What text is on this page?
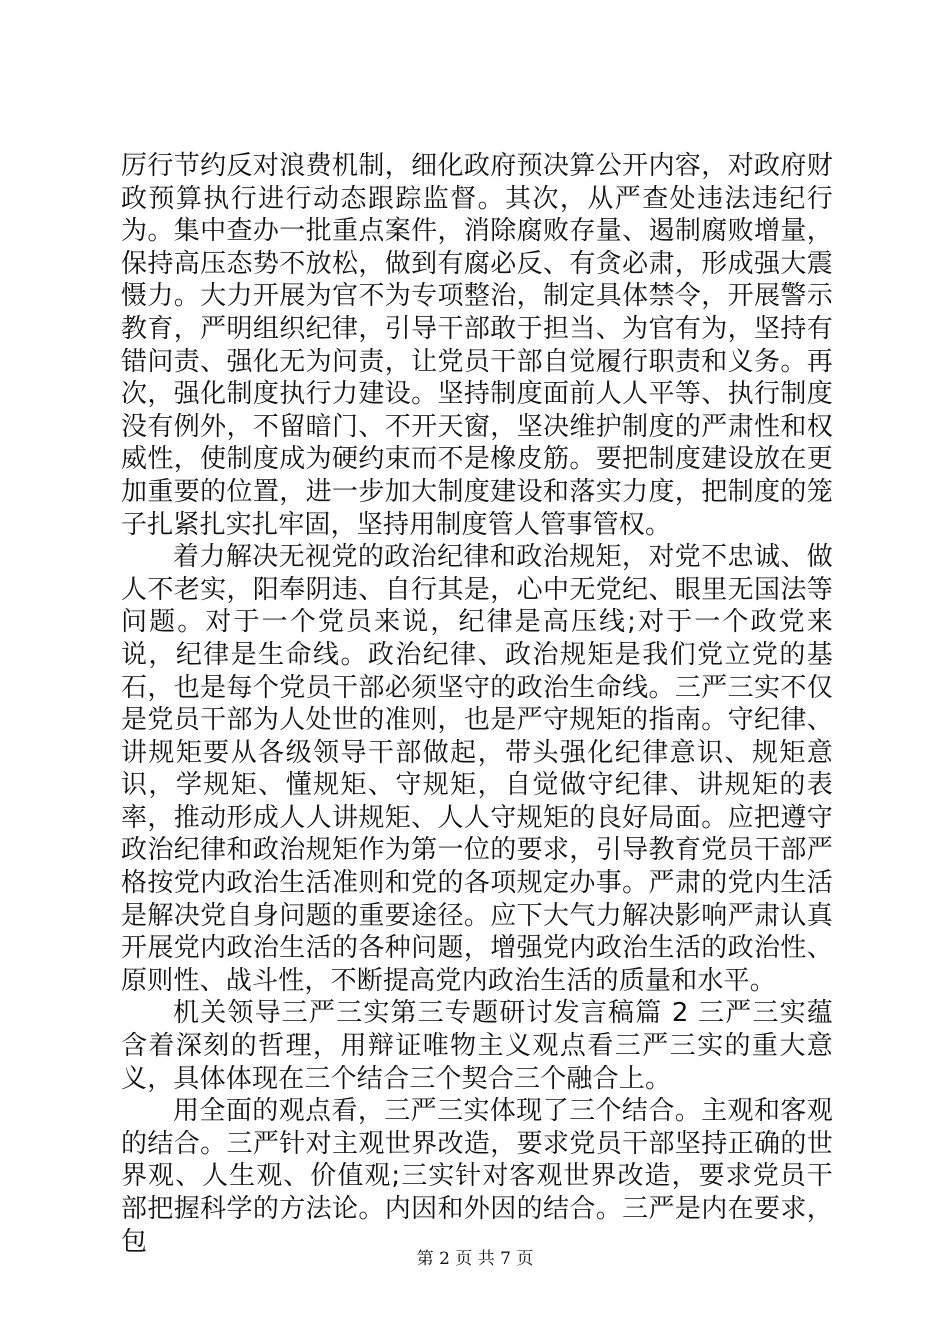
厉行节约反对浪费机制，细化政府预决算公开内容，对政府财政预算执行进行动态跟踪监督。其次，从严查处违法违纪行为。集中查办一批重点案件，消除腐败存量、遏制腐败增量，保持高压态势不放松，做到有腐必反、有贪必肃，形成强大震慑力。大力开展为官不为专项整治，制定具体禁令，开展警示教育，严明组织纪律，引导干部敢于担当、为官有为，坚持有错问责、强化无为问责，让党员干部自觉履行职责和义务。再次，强化制度执行力建设。坚持制度面前人人平等、执行制度没有例外，不留暗门、不开天窗，坚决维护制度的严肃性和权威性，使制度成为硬约束而不是橡皮筋。要把制度建设放在更加重要的位置，进一步加大制度建设和落实力度，把制度的笼子扎紧扎实扎牢固，坚持用制度管人管事管权。

着力解决无视党的政治纪律和政治规矩，对党不忠诚、做人不老实，阳奉阴违、自行其是，心中无党纪、眼里无国法等问题。对于一个党员来说，纪律是高压线;对于一个政党来说，纪律是生命线。政治纪律、政治规矩是我们党立党的基石，也是每个党员干部必须坚守的政治生命线。三严三实不仅是党员干部为人处世的准则，也是严守规矩的指南。守纪律、讲规矩要从各级领导干部做起，带头强化纪律意识、规矩意识，学规矩、懂规矩、守规矩，自觉做守纪律、讲规矩的表率，推动形成人人讲规矩、人人守规矩的良好局面。应把遵守政治纪律和政治规矩作为第一位的要求，引导教育党员干部严格按党内政治生活准则和党的各项规定办事。严肃的党内生活是解决党自身问题的重要途径。应下大气力解决影响严肃认真开展党内政治生活的各种问题，增强党内政治生活的政治性、原则性、战斗性，不断提高党内政治生活的质量和水平。

机关领导三严三实第三专题研讨发言稿篇 2 三严三实蕴含着深刻的哲理，用辩证唯物主义观点看三严三实的重大意义，具体体现在三个结合三个契合三个融合上。

用全面的观点看，三严三实体现了三个结合。主观和客观的结合。三严针对主观世界改造，要求党员干部坚持正确的世界观、人生观、价值观;三实针对客观世界改造，要求党员干部把握科学的方法论。内因和外因的结合。三严是内在要求，包

第 2 页 共 7 页
